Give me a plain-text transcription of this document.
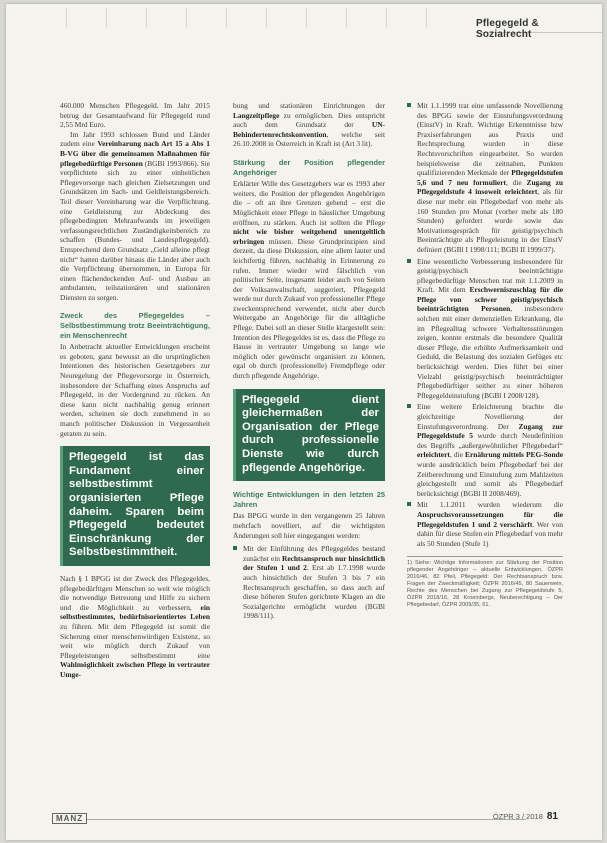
Pflegegeld & Sozialrecht

460.000 Menschen Pflegegeld. Im Jahr 2015 betrug der Gesamtaufwand für Pflegegeld rund 2,55 Mrd Euro.

Im Jahr 1993 schlossen Bund und Länder zudem eine Vereinbarung nach Art 15 a Abs 1 B-VG über die gemeinsamen Maßnahmen für pflegebedürftige Personen (BGBl 1993/866). Sie verpflichtete sich zu einer einheitlichen Pflegevorsorge nach gleichen Zielsetzungen und Grundsätzen im Sach- und Geldleistungsbereich. Teil dieser Vereinbarung war die Verpflichtung, eine Geldleistung zur Abdeckung des pflegebedingten Mehraufwands im jeweiligen verfassungsrechtlichen Zuständigkeitsbereich zu schaffen (Bundes- und Landespflegegeld). Entsprechend dem Grundsatz „Geld alleine pflegt nicht“ hatten darüber hinaus die Länder aber auch die Verpflichtung übernommen, in Europa für einen flächendeckenden Auf- und Ausbau an ambulanten, teilstationären und stationären Diensten zu sorgen.

Zweck des Pflegegeldes – Selbstbestimmung trotz Beeinträchtigung, ein Menschenrecht

In Anbetracht aktueller Entwicklungen erscheint es geboten, ganz bewusst an die ursprünglichen Intentionen des historischen Gesetzgebers zur Neuregelung der Pflegevorsorge in Österreich, insbesondere der Schaffung eines Anspruchs auf Pflegegeld, in der Vordergrund zu rücken. An diese kann nicht nachhaltig genug erinnert werden, scheinen sie doch zunehmend in so manch politischer Diskussion in Vergessenheit geraten zu sein.

Pflegegeld ist das Fundament einer selbstbestimmt organisierten Pflege daheim. Sparen beim Pflegegeld bedeutet Einschränkung der Selbstbestimmtheit.

Nach § 1 BPGG ist der Zweck des Pflegegeldes, pflegebedürftigen Menschen so weit wie möglich die notwendige Betreuung und Hilfe zu sichern und die Möglichkeit zu verbessern, ein selbstbestimmtes, bedürfnisorientiertes Leben zu führen. Mit dem Pflegegeld ist somit die Sicherung einer menschenwürdigen Existenz, so weit wie möglich durch Zukauf von Pflegeleistungen selbstbestimmt eine Wahlmöglichkeit zwischen Pflege in vertrauter Umge-

bung und stationären Einrichtungen der Langzeitpflege zu ermöglichen. Dies entspricht auch dem Grundsatz der UN-Behindertenrechtskonvention, welche seit 26.10.2008 in Österreich in Kraft ist (Art 3 lit).

Stärkung der Position pflegender Angehöriger

Erklärter Wille des Gesetzgebers war es 1993 aber weiters, die Position der pflegenden Angehörigen die – oft an ihre Grenzen gehend – erst die Möglichkeit einer Pflege in häuslicher Umgebung eröffnen, zu stärken. Auch ist sollten die Pflege nicht wie bisher weitgehend unentgeltlich erbringen müssen. Diese Grundprinzipien sind derzeit, da diese Diskussion, eine allem lauter und leichtfertig führen, nachhaltig in Erinnerung zu rufen. Immer wieder wird fälschlich von politischer Seite, insgesamt leider auch von Seiten der Volksanwaltschaft, suggeriert, Pflegegeld werde nur durch Zukauf von professioneller Pflege zweckentsprechend verwendet, nicht aber durch Weitergabe an Angehörige für die alltägliche Pflege. Dabei soll an dieser Stelle klargestellt sein: Intention des Pflegegeldes ist es, dass die Pflege zu Hause in vertrauter Umgebung so lange wie möglich oder gewünscht organisiert zu können, egal ob durch (professionelle) Fremdpflege oder durch pflegende Angehörige.

Pflegegeld dient gleichermaßen der Organisation der Pflege durch professionelle Dienste wie durch pflegende Angehörige.
Wichtige Entwicklungen in den letzten 25 Jahren

Das BPGG wurde in den vergangenen 25 Jahren mehrfach novelliert, auf die wichtigsten Änderungen soll hier eingegangen werden:

Mit der Einführung des Pflegegeldes bestand zunächst ein Rechtsanspruch nur hinsichtlich der Stufen 1 und 2. Erst ab 1.7.1998 wurde auch hinsichtlich der Stufen 3 bis 7 ein Rechtsanspruch geschaffen, so dass auch auf diese höheren Stufen gerichtete Klagen an die Sozialgerichte ermöglicht wurden (BGBl 1998/111).
Mit 1.1.1999 trat eine umfassende Novellierung des BPGG sowie der Einstufungsverordnung (EinstV) in Kraft. Wichtige Erkenntnisse bzw Praxiserfahrungen aus Praxis und Rechtsprechung wurden in diese Rechtsvorschriften eingearbeitet. So wurden beispielsweise die zeitnahen, Punkten qualifizierenden Merkmale der Pflegegeldstufen 5,6 und 7 neu formuliert, die Zugang zu Pflegegeldstufe 4 insoweit erleichtert, als für diese nur mehr ein Pflegebedarf von mehr als 160 Stunden pro Monat (vorher mehr als 180 Stunden) gefordert wurde sowie das Motivationsgespräch für geistig/psychisch Beeinträchtigte als Pflegeleistung in der EinstV definiert (BGBl I 1998/111; BGBl II 1999/37).
Eine wesentliche Verbesserung insbesondere für geistig/psychisch beeinträchtigte pflegebedürftige Menschen trat mit 1.1.2009 in Kraft. Mit dem Erschwerniszuschlag für die Pflege von schwer geistig/psychisch beeinträchtigten Personen, insbesondere solchen mit einer demenziellen Erkrankung, die im Pflegealltag schwere Verhaltensstörungen zeigen, konnte erstmals die besondere Qualität dieser Pflege, die erhöhte Aufmerksamkeit und Geduld, die Belastung des sozialen Gefüges etc berücksichtigt werden. Dies führt bei einer Vielzahl geistig/psychisch beeinträchtigter Pflegebedürftiger seither zu einer höheren Pflegegeldeinstufung (BGBl I 2008/128).
Eine weitere Erleichterung brachte die gleichzeitige Novellierung der Einstufungsverordnung. Der Zugang zur Pflegegeldstufe 5 wurde durch Neudefinition des Begriffs „außergewöhnlicher Pflegebedarf“ erleichtert, die Ernährung mittels PEG-Sonde wurde ausdrücklich beim Pflegebedarf bei der Zeitberechnung und Einstufung zum Mahlzeiten gleichgestellt und somit als Pflegebedarf berücksichtigt (BGBl II 2008/469).
Mit 1.1.2011 wurden wiederum die Anspruchsvoraussetzungen für die Pflegegeldstufen 1 und 2 verschärft. Wer von dahin für diese Stufen ein Pflegebedarf von mehr als 50 Stunden (Stufe 1)
1) Siehe: Wichtige Informationen zur Stärkung der Position pflegender Angehöriger – aktuelle Entwicklungen, ÖZPR 2016/46, 82 Pfeil, Pflegegeld: Der Rechtsanspruch bzw. Fragen der Zweckmäßigkeit; ÖZPR 2016/45, 80 Sauerwein, Rechte des Menschen bei Zugang zur Pflegegeldstufe 5, ÖZPR 2018/16, 28 Kroeinbergs, Neuberechtigung – Der Pflegebedarf, ÖZPR 2009/35, 61.
MANZ	ÖZPR 3 / 2018 81
